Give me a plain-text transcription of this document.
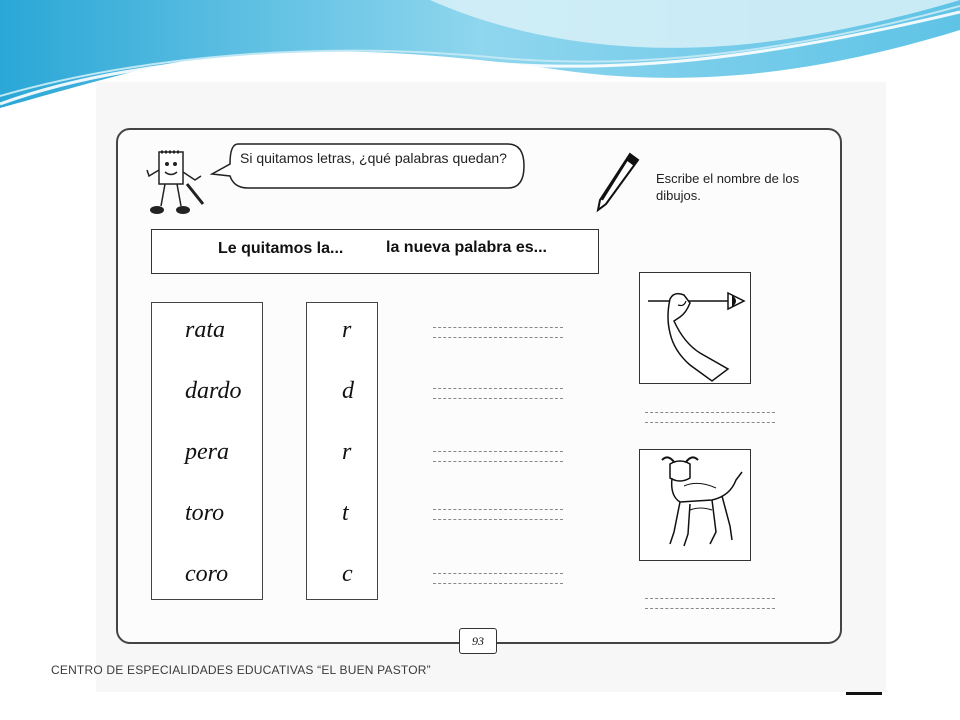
Si quitamos letras, ¿qué palabras quedan?
Escribe el nombre de los dibujos.
Le quitamos la...	la nueva palabra es...
rata
dardo
pera
toro
coro
r
d
r
t
c
93
CENTRO DE ESPECIALIDADES EDUCATIVAS “EL BUEN PASTOR”
